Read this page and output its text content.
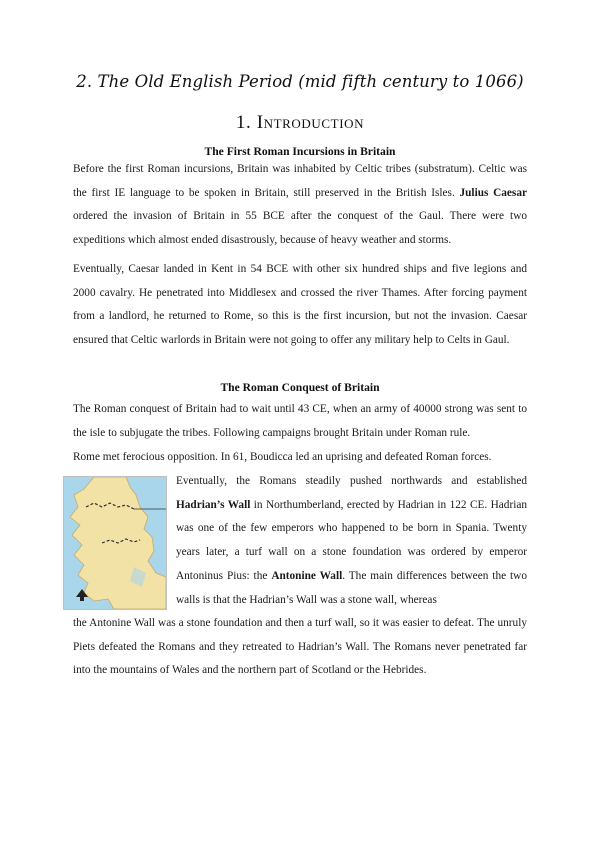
2. The Old English Period (mid fifth century to 1066)
1. Introduction
The First Roman Incursions in Britain

Before the first Roman incursions, Britain was inhabited by Celtic tribes (substratum). Celtic was the first IE language to be spoken in Britain, still preserved in the British Isles. Julius Caesar ordered the invasion of Britain in 55 BCE after the conquest of the Gaul. There were two expeditions which almost ended disastrously, because of heavy weather and storms.

Eventually, Caesar landed in Kent in 54 BCE with other six hundred ships and five legions and 2000 cavalry. He penetrated into Middlesex and crossed the river Thames. After forcing payment from a landlord, he returned to Rome, so this is the first incursion, but not the invasion. Caesar ensured that Celtic warlords in Britain were not going to offer any military help to Celts in Gaul.

The Roman Conquest of Britain

The Roman conquest of Britain had to wait until 43 CE, when an army of 40000 strong was sent to the isle to subjugate the tribes. Following campaigns brought Britain under Roman rule.

Rome met ferocious opposition. In 61, Boudicca led an uprising and defeated Roman forces.

Eventually, the Romans steadily pushed northwards and established Hadrian’s Wall in Northumberland, erected by Hadrian in 122 CE. Hadrian was one of the few emperors who happened to be born in Spania. Twenty years later, a turf wall on a stone foundation was ordered by emperor Antoninus Pius: the Antonine Wall. The main differences between the two walls is that the Hadrian’s Wall was a stone wall, whereas

the Antonine Wall was a stone foundation and then a turf wall, so it was easier to defeat. The unruly Piets defeated the Romans and they retreated to Hadrian’s Wall. The Romans never penetrated far into the mountains of Wales and the northern part of Scotland or the Hebrides.
